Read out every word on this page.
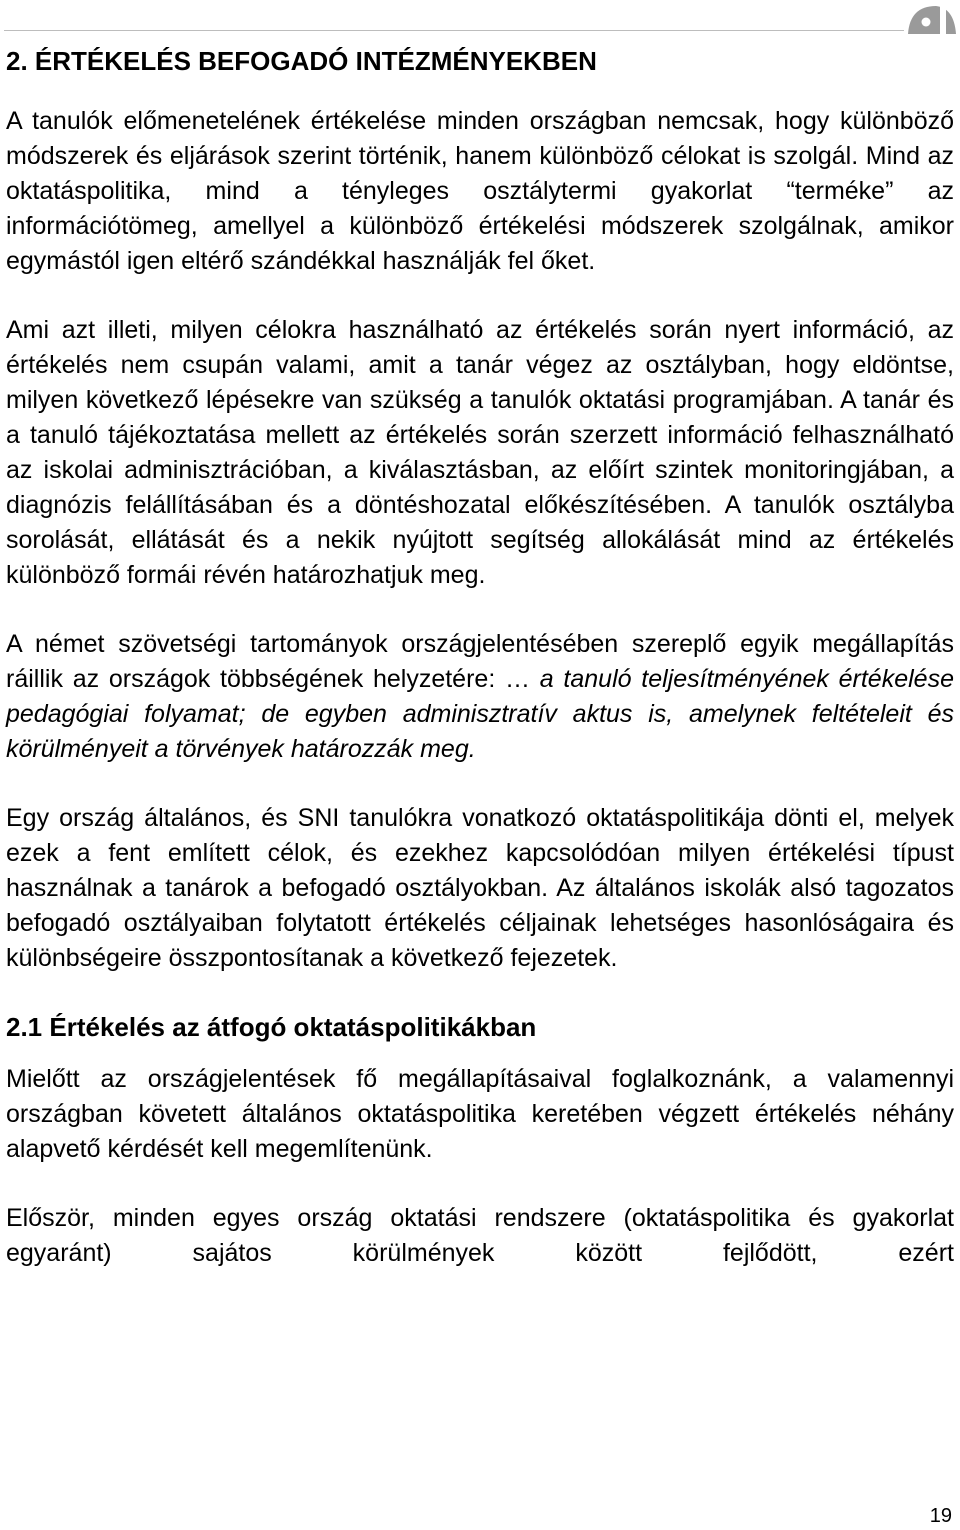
2. ÉRTÉKELÉS BEFOGADÓ INTÉZMÉNYEKBEN

A tanulók előmenetelének értékelése minden országban nemcsak, hogy különböző módszerek és eljárások szerint történik, hanem különböző célokat is szolgál. Mind az oktatáspolitika, mind a tényleges osztálytermi gyakorlat “terméke” az információtömeg, amellyel a különböző értékelési módszerek szolgálnak, amikor egymástól igen eltérő szándékkal használják fel őket.

Ami azt illeti, milyen célokra használható az értékelés során nyert információ, az értékelés nem csupán valami, amit a tanár végez az osztályban, hogy eldöntse, milyen következő lépésekre van szükség a tanulók oktatási programjában. A tanár és a tanuló tájékoztatása mellett az értékelés során szerzett információ felhasználható az iskolai adminisztrációban, a kiválasztásban, az előírt szintek monitoringjában, a diagnózis felállításában és a döntéshozatal előkészítésében. A tanulók osztályba sorolását, ellátását és a nekik nyújtott segítség allokálását mind az értékelés különböző formái révén határozhatjuk meg.

A német szövetségi tartományok országjelentésében szereplő egyik megállapítás ráillik az országok többségének helyzetére: … a tanuló teljesítményének értékelése pedagógiai folyamat; de egyben adminisztratív aktus is, amelynek feltételeit és körülményeit a törvények határozzák meg.

Egy ország általános, és SNI tanulókra vonatkozó oktatáspolitikája dönti el, melyek ezek a fent említett célok, és ezekhez kapcsolódóan milyen értékelési típust használnak a tanárok a befogadó osztályokban. Az általános iskolák alsó tagozatos befogadó osztályaiban folytatott értékelés céljainak lehetséges hasonlóságaira és különbségeire összpontosítanak a következő fejezetek.

2.1 Értékelés az átfogó oktatáspolitikákban

Mielőtt az országjelentések fő megállapításaival foglalkoznánk, a valamennyi országban követett általános oktatáspolitika keretében végzett értékelés néhány alapvető kérdését kell megemlítenünk.

Először, minden egyes ország oktatási rendszere (oktatáspolitika és gyakorlat egyaránt) sajátos körülmények között fejlődött, ezért

19
